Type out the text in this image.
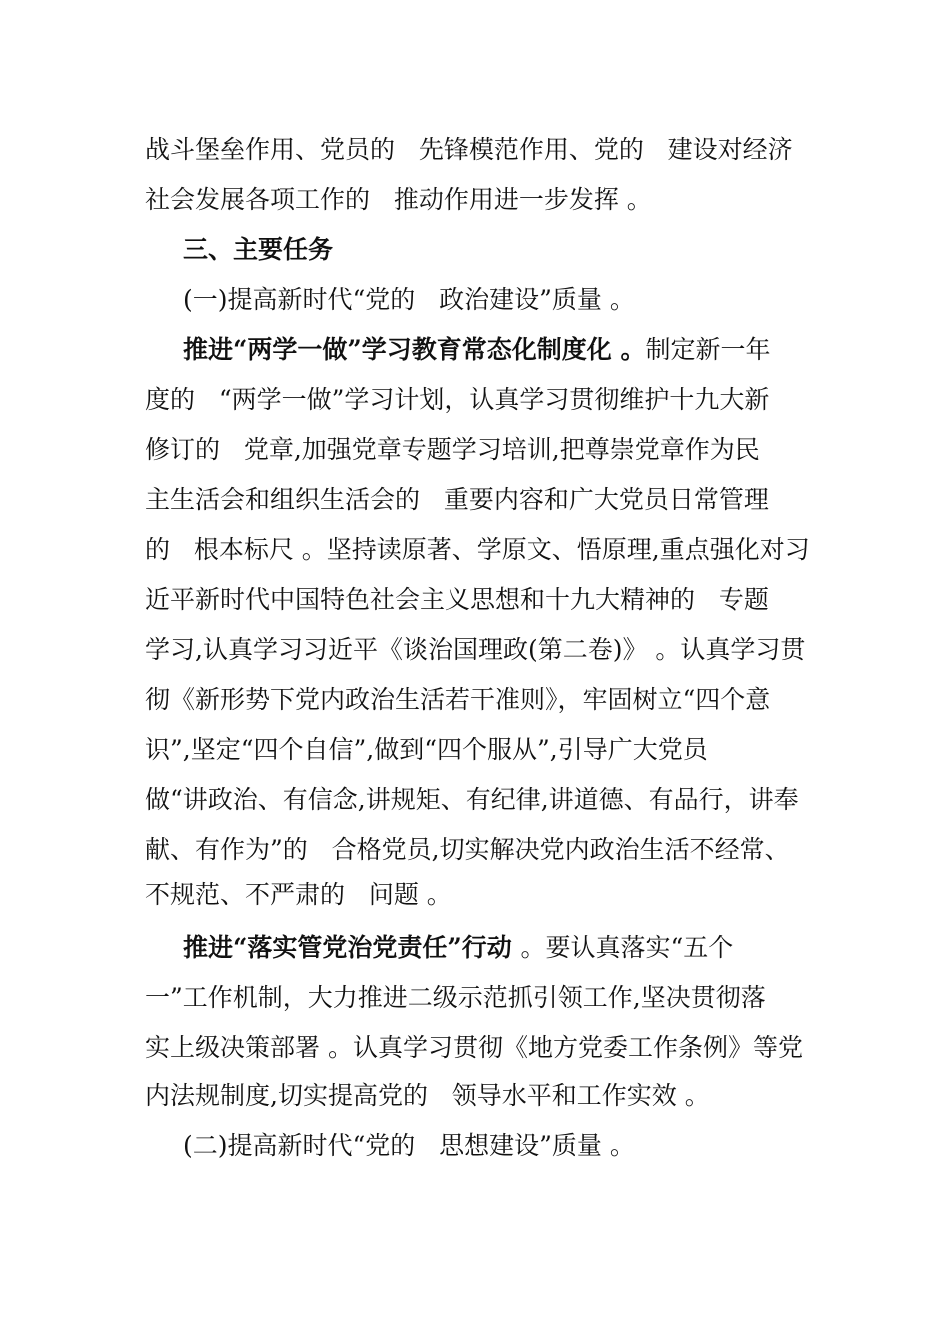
战斗堡垒作用、党员的   先锋模范作用、党的   建设对经济
社会发展各项工作的   推动作用进一步发挥 。
三、主要任务
(一)提高新时代“党的   政治建设”质量 。
推进“两学一做”学习教育常态化制度化 。制定新一年
度的   “两学一做”学习计划，认真学习贯彻维护十九大新
修订的   党章,加强党章专题学习培训,把尊崇党章作为民
主生活会和组织生活会的   重要内容和广大党员日常管理
的   根本标尺 。坚持读原著、学原文、悟原理,重点强化对习
近平新时代中国特色社会主义思想和十九大精神的   专题
学习,认真学习习近平《谈治国理政(第二卷)》 。认真学习贯
彻《新形势下党内政治生活若干准则》，牢固树立“四个意
识”,坚定“四个自信”,做到“四个服从”,引导广大党员
做“讲政治、有信念,讲规矩、有纪律,讲道德、有品行，讲奉
献、有作为”的   合格党员,切实解决党内政治生活不经常、
不规范、不严肃的   问题 。
推进“落实管党治党责任”行动 。要认真落实“五个
一”工作机制，大力推进二级示范抓引领工作,坚决贯彻落
实上级决策部署 。认真学习贯彻《地方党委工作条例》等党
内法规制度,切实提高党的   领导水平和工作实效 。
(二)提高新时代“党的   思想建设”质量 。
